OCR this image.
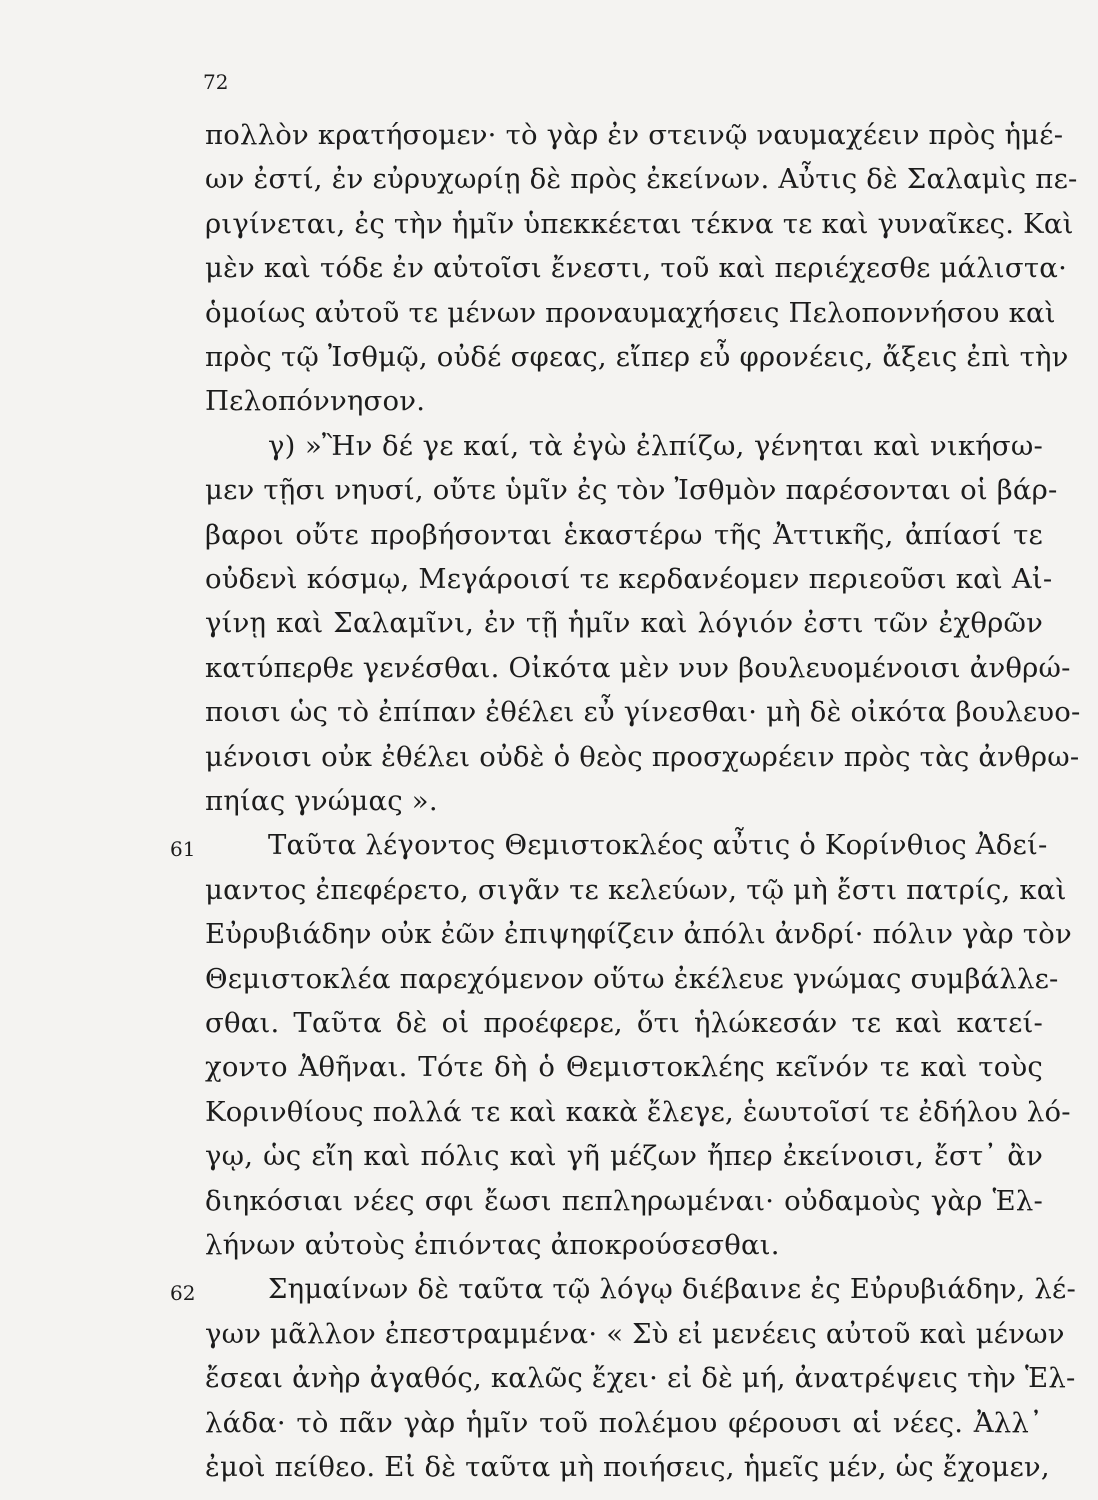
72
πολλὸν κρατήσομεν· τὸ γὰρ ἐν στεινῷ ναυμαχέειν πρὸς ἡμέ-
ων ἐστί, ἐν εὐρυχωρίῃ δὲ πρὸς ἐκείνων. Αὖτις δὲ Σαλαμὶς πε-
ριγίνεται, ἐς τὴν ἡμῖν ὑπεκκέεται τέκνα τε καὶ γυναῖκες. Καὶ
μὲν καὶ τόδε ἐν αὐτοῖσι ἔνεστι, τοῦ καὶ περιέχεσθε μάλιστα·
ὁμοίως αὐτοῦ τε μένων προναυμαχήσεις Πελοποννήσου καὶ
πρὸς τῷ Ἰσθμῷ, οὐδέ σφεας, εἴπερ εὖ φρονέεις, ἄξεις ἐπὶ τὴν
Πελοπόννησον.
γ) »Ἢν δέ γε καί, τὰ ἐγὼ ἐλπίζω, γένηται καὶ νικήσω-
μεν τῇσι νηυσί, οὔτε ὑμῖν ἐς τὸν Ἰσθμὸν παρέσονται οἱ βάρ-
βαροι οὔτε προβήσονται ἑκαστέρω τῆς Ἀττικῆς, ἀπίασί τε
οὐδενὶ κόσμῳ, Μεγάροισί τε κερδανέομεν περιεοῦσι καὶ Αἰ-
γίνῃ καὶ Σαλαμῖνι, ἐν τῇ ἡμῖν καὶ λόγιόν ἐστι τῶν ἐχθρῶν
κατύπερθε γενέσθαι. Οἰκότα μὲν νυν βουλευομένοισι ἀνθρώ-
ποισι ὡς τὸ ἐπίπαν ἐθέλει εὖ γίνεσθαι· μὴ δὲ οἰκότα βουλευο-
μένοισι οὐκ ἐθέλει οὐδὲ ὁ θεὸς προσχωρέειν πρὸς τὰς ἀνθρω-
πηίας γνώμας ».
61	Ταῦτα λέγοντος Θεμιστοκλέος αὖτις ὁ Κορίνθιος Ἀδεί-
μαντος ἐπεφέρετο, σιγᾶν τε κελεύων, τῷ μὴ ἔστι πατρίς, καὶ
Εὐρυβιάδην οὐκ ἐῶν ἐπιψηφίζειν ἀπόλι ἀνδρί· πόλιν γὰρ τὸν
Θεμιστοκλέα παρεχόμενον οὕτω ἐκέλευε γνώμας συμβάλλε-
σθαι. Ταῦτα δὲ οἱ προέφερε, ὅτι ἡλώκεσάν τε καὶ κατεί-
χοντο Ἀθῆναι. Τότε δὴ ὁ Θεμιστοκλέης κεῖνόν τε καὶ τοὺς
Κορινθίους πολλά τε καὶ κακὰ ἔλεγε, ἑωυτοῖσί τε ἐδήλου λό-
γῳ, ὡς εἴη καὶ πόλις καὶ γῆ μέζων ἤπερ ἐκείνοισι, ἔστ᾽ ἂν
διηκόσιαι νέες σφι ἔωσι πεπληρωμέναι· οὐδαμοὺς γὰρ Ἑλ-
λήνων αὐτοὺς ἐπιόντας ἀποκρούσεσθαι.
62	Σημαίνων δὲ ταῦτα τῷ λόγῳ διέβαινε ἐς Εὐρυβιάδην, λέ-
γων μᾶλλον ἐπεστραμμένα· « Σὺ εἰ μενέεις αὐτοῦ καὶ μένων
ἔσεαι ἀνὴρ ἀγαθός, καλῶς ἔχει· εἰ δὲ μή, ἀνατρέψεις τὴν Ἑλ-
λάδα· τὸ πᾶν γὰρ ἡμῖν τοῦ πολέμου φέρουσι αἱ νέες. Ἀλλ᾽
ἐμοὶ πείθεο. Εἰ δὲ ταῦτα μὴ ποιήσεις, ἡμεῖς μέν, ὡς ἔχομεν,
